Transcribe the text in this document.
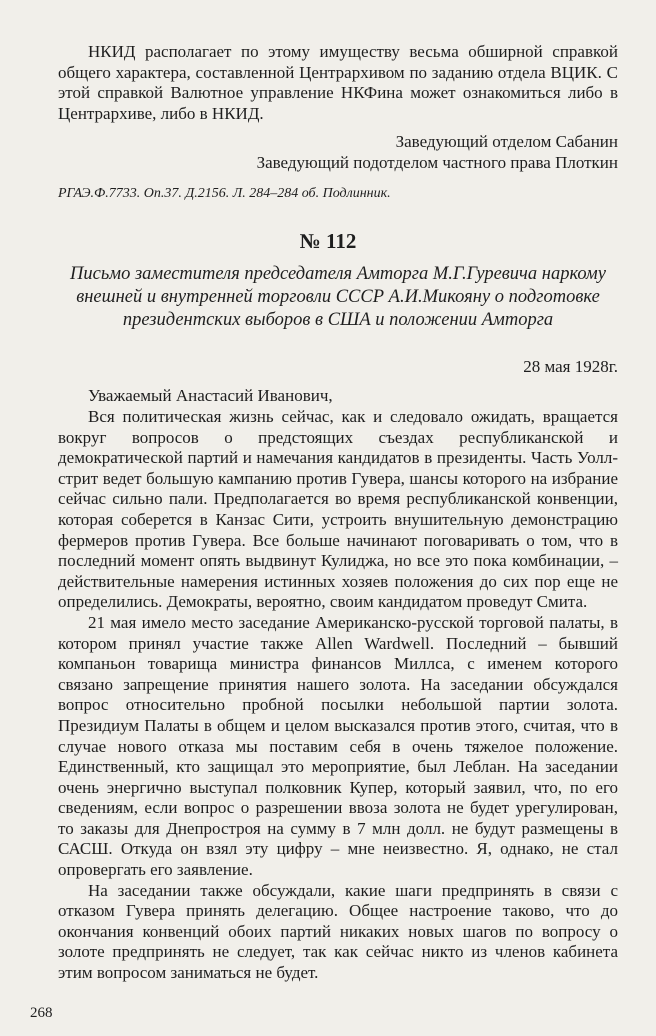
НКИД располагает по этому имуществу весьма обширной справкой общего характера, составленной Центрархивом по заданию отдела ВЦИК. С этой справкой Валютное управление НКФина может ознакомиться либо в Центрархиве, либо в НКИД.

Заведующий отделом Сабанин
Заведующий подотделом частного права Плоткин
РГАЭ.Ф.7733. Оп.37. Д.2156. Л. 284–284 об. Подлинник.
№ 112
Письмо заместителя председателя Амторга М.Г.Гуревича наркому внешней и внутренней торговли СССР А.И.Микояну о подготовке президентских выборов в США и положении Амторга
28 мая 1928г.
Уважаемый Анастасий Иванович,

Вся политическая жизнь сейчас, как и следовало ожидать, вращается вокруг вопросов о предстоящих съездах республиканской и демократической партий и намечания кандидатов в президенты. Часть Уолл-стрит ведет большую кампанию против Гувера, шансы которого на избрание сейчас сильно пали. Предполагается во время республиканской конвенции, которая соберется в Канзас Сити, устроить внушительную демонстрацию фермеров против Гувера. Все больше начинают поговаривать о том, что в последний момент опять выдвинут Кулиджа, но все это пока комбинации, – действительные намерения истинных хозяев положения до сих пор еще не определились. Демократы, вероятно, своим кандидатом проведут Смита.

21 мая имело место заседание Американско-русской торговой палаты, в котором принял участие также Allen Wardwell. Последний – бывший компаньон товарища министра финансов Миллса, с именем которого связано запрещение принятия нашего золота. На заседании обсуждался вопрос относительно пробной посылки небольшой партии золота. Президиум Палаты в общем и целом высказался против этого, считая, что в случае нового отказа мы поставим себя в очень тяжелое положение. Единственный, кто защищал это мероприятие, был Леблан. На заседании очень энергично выступал полковник Купер, который заявил, что, по его сведениям, если вопрос о разрешении ввоза золота не будет урегулирован, то заказы для Днепростроя на сумму в 7 млн долл. не будут размещены в САСШ. Откуда он взял эту цифру – мне неизвестно. Я, однако, не стал опровергать его заявление.

На заседании также обсуждали, какие шаги предпринять в связи с отказом Гувера принять делегацию. Общее настроение таково, что до окончания конвенций обоих партий никаких новых шагов по вопросу о золоте предпринять не следует, так как сейчас никто из членов кабинета этим вопросом заниматься не будет.

268
